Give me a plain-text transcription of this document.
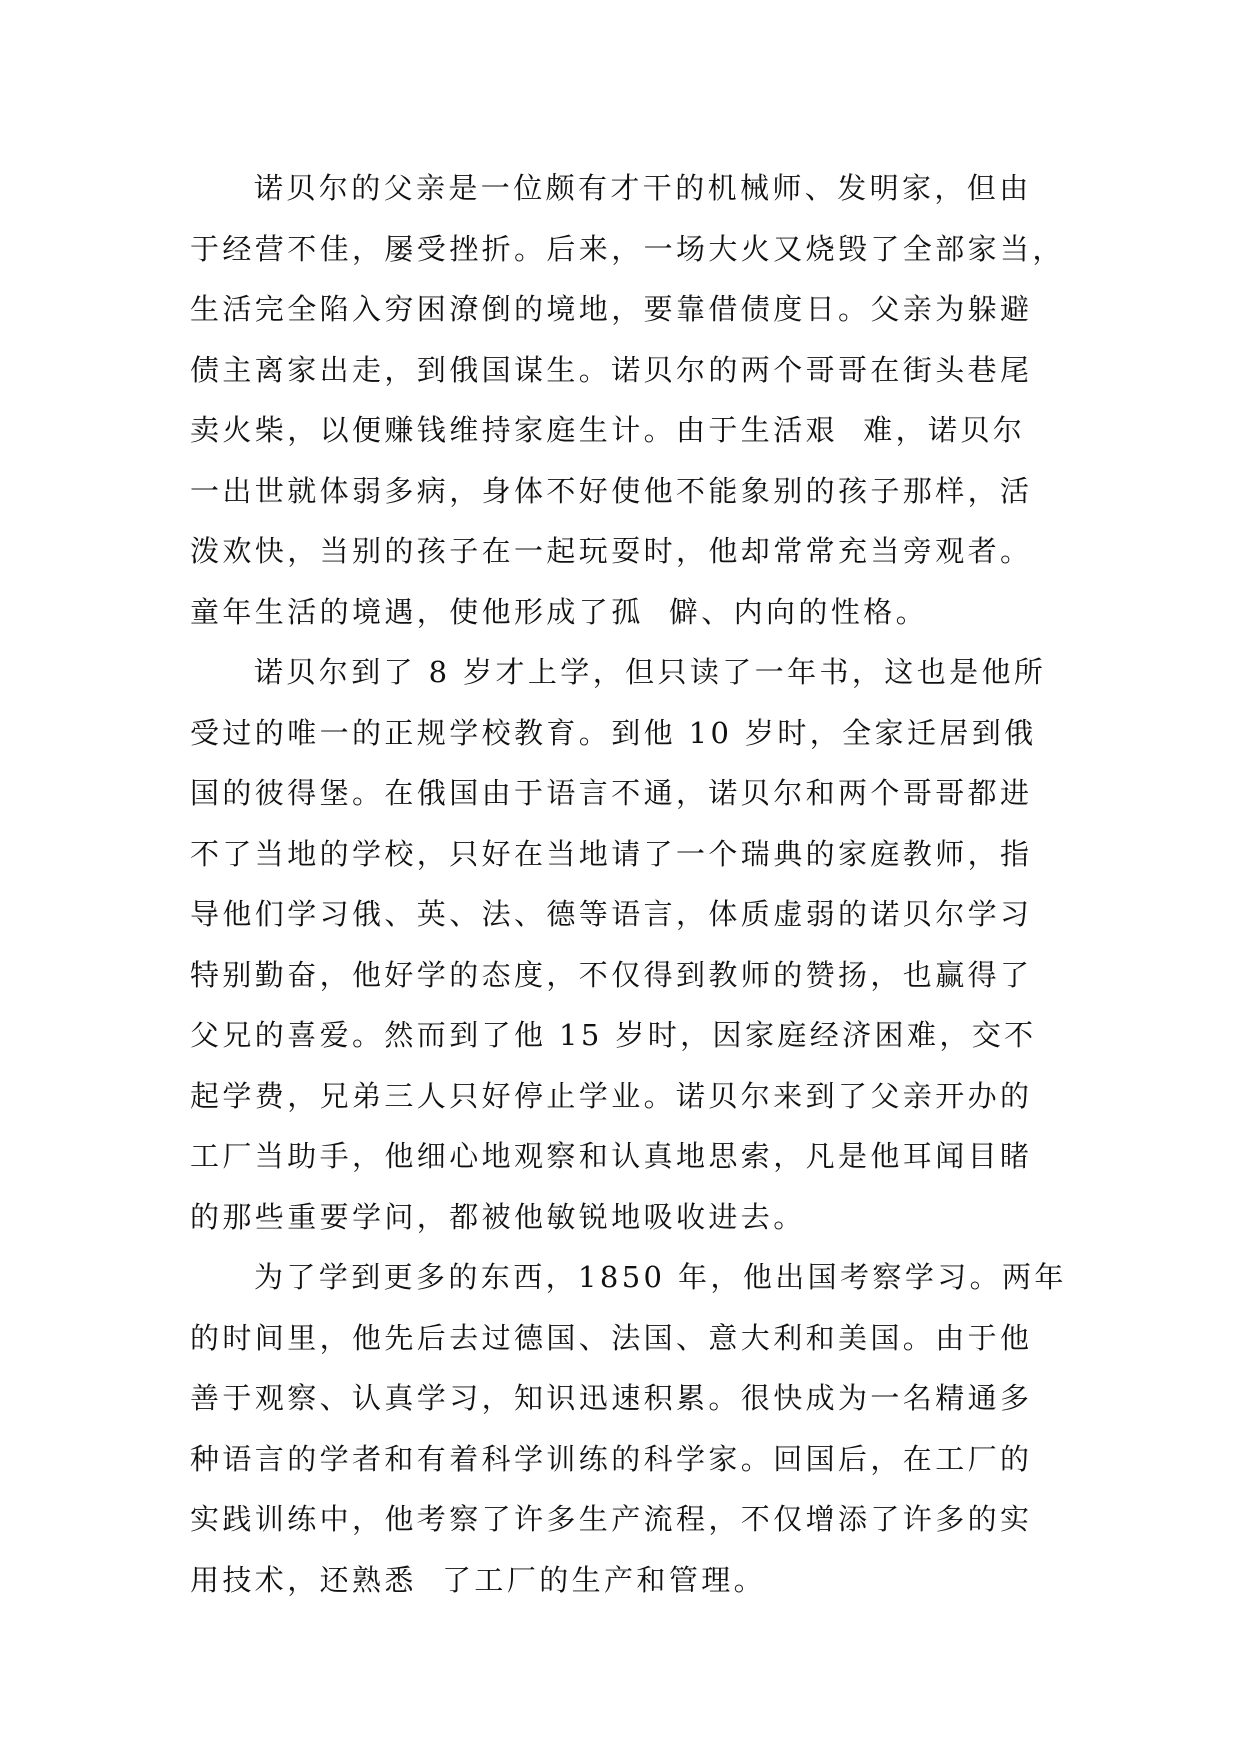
诺贝尔的父亲是一位颇有才干的机械师、发明家，但由
于经营不佳，屡受挫折。后来，一场大火又烧毁了全部家当，
生活完全陷入穷困潦倒的境地，要靠借债度日。父亲为躲避
债主离家出走，到俄国谋生。诺贝尔的两个哥哥在街头巷尾
卖火柴，以便赚钱维持家庭生计。由于生活艰  难，诺贝尔
一出世就体弱多病，身体不好使他不能象别的孩子那样，活
泼欢快，当别的孩子在一起玩耍时，他却常常充当旁观者。
童年生活的境遇，使他形成了孤  僻、内向的性格。
诺贝尔到了 8 岁才上学，但只读了一年书，这也是他所
受过的唯一的正规学校教育。到他 10 岁时，全家迁居到俄
国的彼得堡。在俄国由于语言不通，诺贝尔和两个哥哥都进
不了当地的学校，只好在当地请了一个瑞典的家庭教师，指
导他们学习俄、英、法、德等语言，体质虚弱的诺贝尔学习
特别勤奋，他好学的态度，不仅得到教师的赞扬，也赢得了
父兄的喜爱。然而到了他 15 岁时，因家庭经济困难，交不
起学费，兄弟三人只好停止学业。诺贝尔来到了父亲开办的
工厂当助手，他细心地观察和认真地思索，凡是他耳闻目睹
的那些重要学问，都被他敏锐地吸收进去。
为了学到更多的东西，1850 年，他出国考察学习。两年
的时间里，他先后去过德国、法国、意大利和美国。由于他
善于观察、认真学习，知识迅速积累。很快成为一名精通多
种语言的学者和有着科学训练的科学家。回国后，在工厂的
实践训练中，他考察了许多生产流程，不仅增添了许多的实
用技术，还熟悉  了工厂的生产和管理。
